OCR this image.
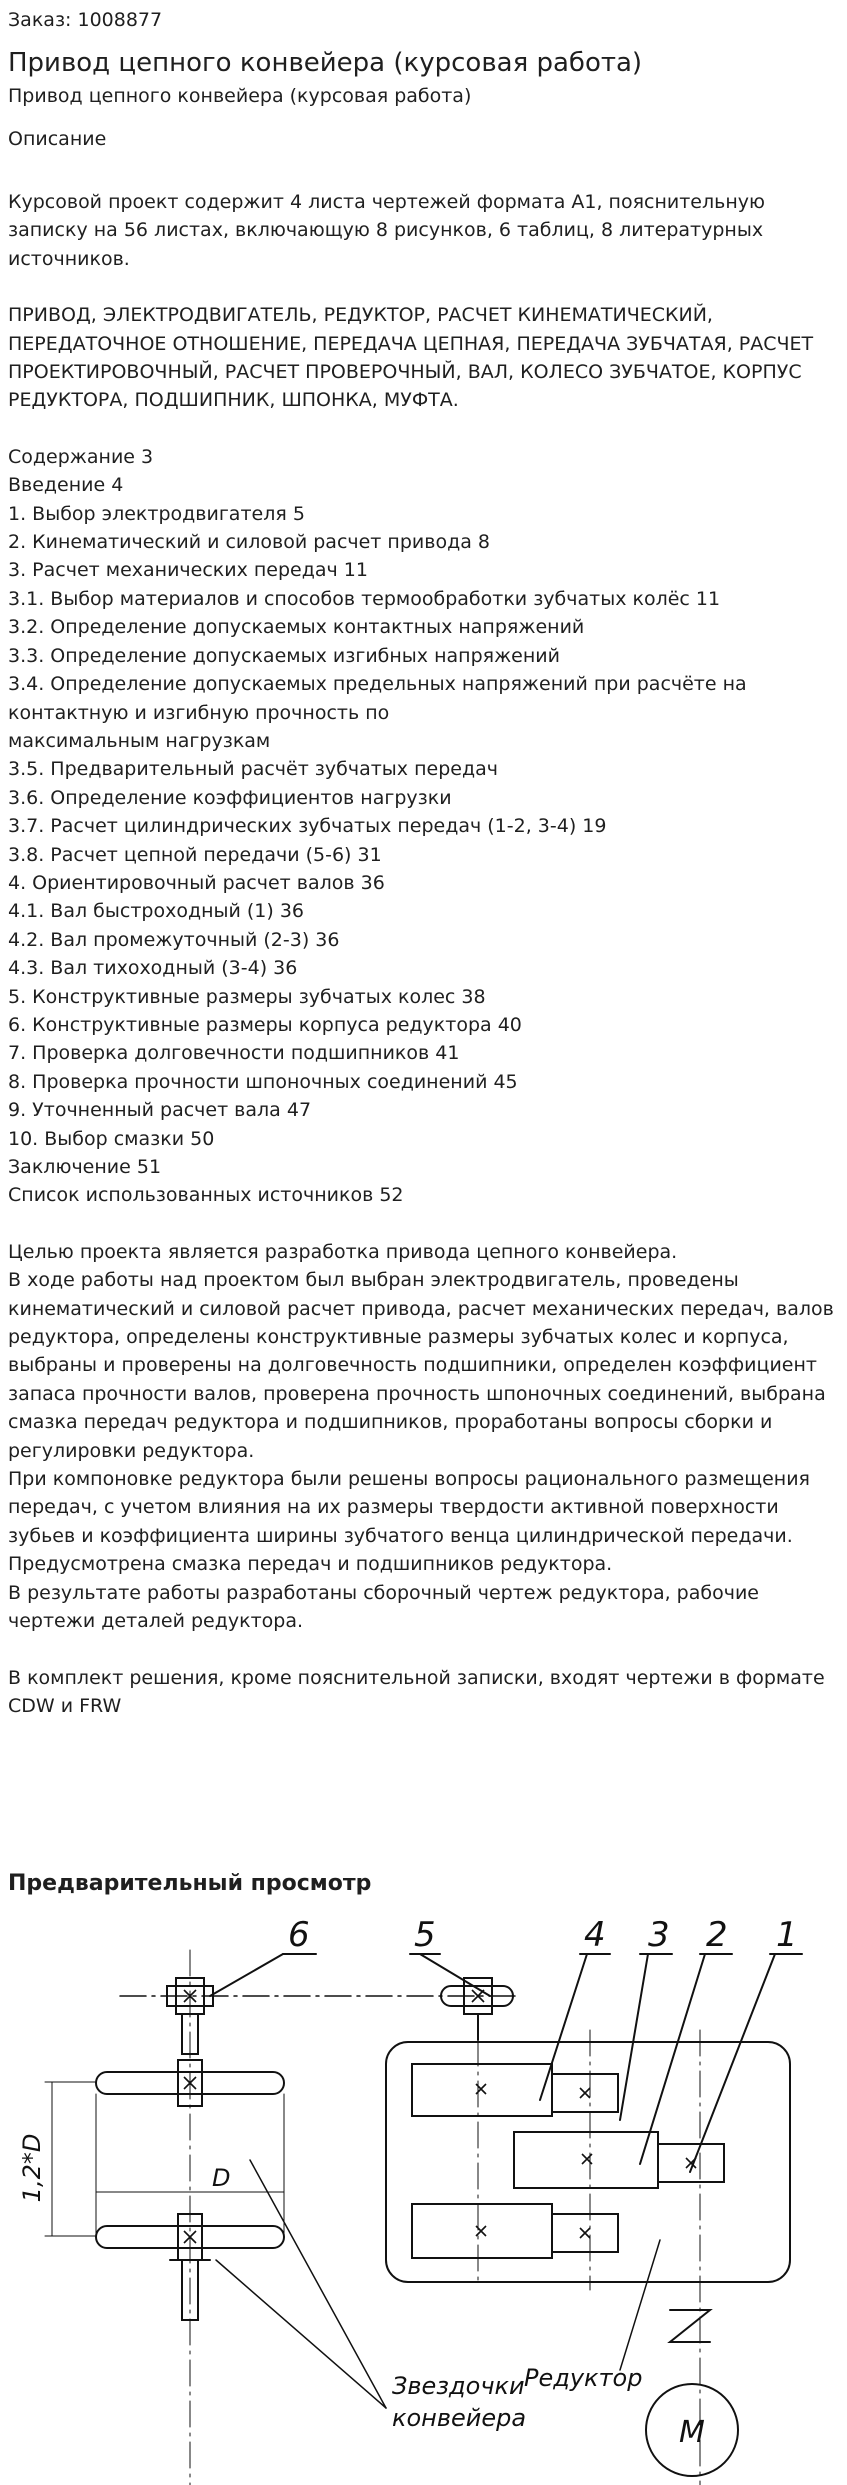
Заказ: 1008877
Привод цепного конвейера (курсовая работа)
Привод цепного конвейера (курсовая работа)
Описание

Курсовой проект содержит 4 листа чертежей формата А1, пояснительную записку на 56 листах, включающую 8 рисунков, 6 таблиц, 8 литературных источников.

ПРИВОД, ЭЛЕКТРОДВИГАТЕЛЬ, РЕДУКТОР, РАСЧЕТ КИНЕМАТИЧЕСКИЙ, ПЕРЕДАТОЧНОЕ ОТНОШЕНИЕ, ПЕРЕДАЧА ЦЕПНАЯ, ПЕРЕДАЧА ЗУБЧАТАЯ, РАСЧЕТ ПРОЕКТИРОВОЧНЫЙ, РАСЧЕТ ПРОВЕРОЧНЫЙ, ВАЛ, КОЛЕСО ЗУБЧАТОЕ, КОРПУС РЕДУКТОРА, ПОДШИПНИК, ШПОНКА, МУФТА.

Содержание 3

Введение 4

1. Выбор электродвигателя 5

2. Кинематический и силовой расчет привода 8

3. Расчет механических передач 11

3.1. Выбор материалов и способов термообработки зубчатых колёс 11

3.2. Определение допускаемых контактных напряжений

3.3. Определение допускаемых изгибных напряжений

3.4. Определение допускаемых предельных напряжений при расчёте на контактную и изгибную прочность по

максимальным нагрузкам

3.5. Предварительный расчёт зубчатых передач

3.6. Определение коэффициентов нагрузки

3.7. Расчет цилиндрических зубчатых передач (1-2, 3-4) 19

3.8. Расчет цепной передачи (5-6) 31

4. Ориентировочный расчет валов 36

4.1. Вал быстроходный (1) 36

4.2. Вал промежуточный (2-3) 36

4.3. Вал тихоходный (3-4) 36

5. Конструктивные размеры зубчатых колес 38

6. Конструктивные размеры корпуса редуктора 40

7. Проверка долговечности подшипников 41

8. Проверка прочности шпоночных соединений 45

9. Уточненный расчет вала 47

10. Выбор смазки 50

Заключение 51

Список использованных источников 52

Целью проекта является разработка привода цепного конвейера.

В ходе работы над проектом был выбран электродвигатель, проведены кинематический и силовой расчет привода, расчет механических передач, валов редуктора, определены конструктивные размеры зубчатых колес и корпуса, выбраны и проверены на долговечность подшипники, определен коэффициент запаса прочности валов, проверена прочность шпоночных соединений, выбрана смазка передач редуктора и подшипников, проработаны вопросы сборки и регулировки редуктора.

При компоновке редуктора были решены вопросы рационального размещения передач, с учетом влияния на их размеры твердости активной поверхности зубьев и коэффициента ширины зубчатого венца цилиндрической передачи.

Предусмотрена смазка передач и подшипников редуктора.

В результате работы разработаны сборочный чертеж редуктора, рабочие чертежи деталей редуктора.

В комплект решения, кроме пояснительной записки, входят чертежи в формате CDW и FRW

Предварительный просмотр
6	5	4 3 2 1
D
1,2*D
Звездочки
конвейера
Редуктор
М
